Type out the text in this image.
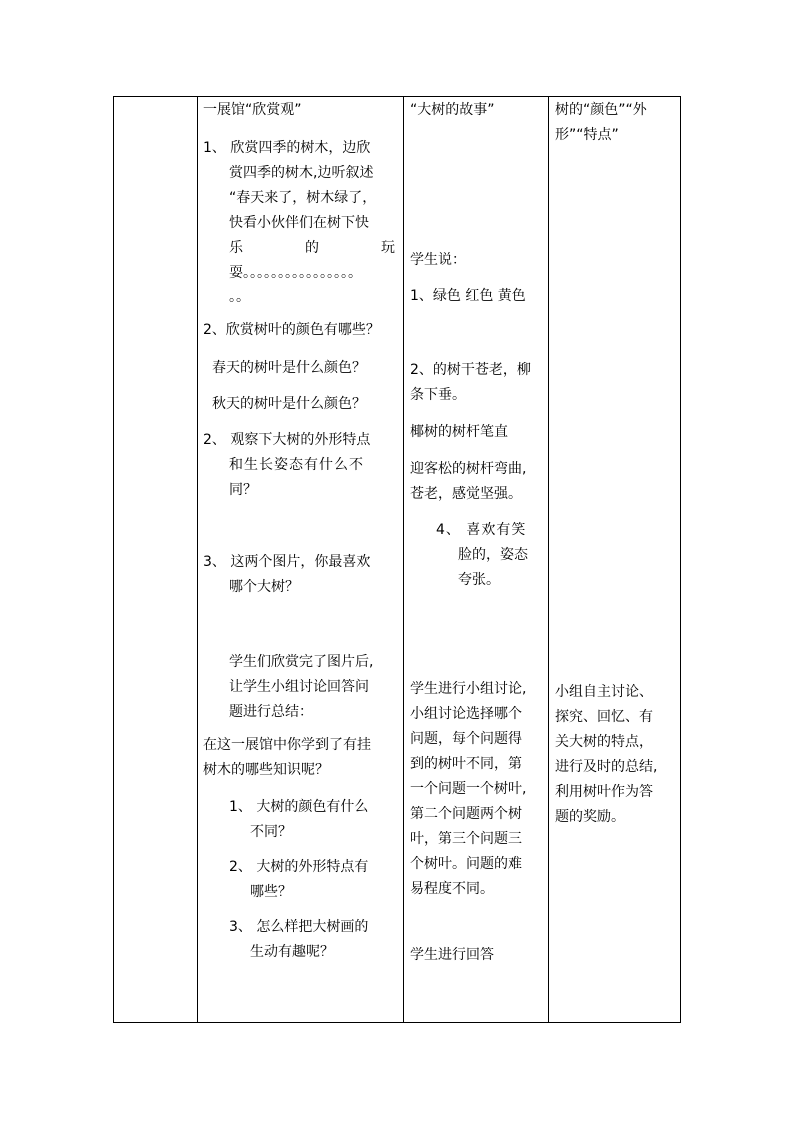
一展馆“欣赏观”
1、 欣赏四季的树木，边欣
赏四季的树木,边听叙述
“春天来了，树木绿了，
快看小伙伴们在树下快
乐	的	玩
耍。。。。。。。。。。。。。。。。
。。
2、欣赏树叶的颜色有哪些？
春天的树叶是什么颜色？
秋天的树叶是什么颜色？
2、 观察下大树的外形特点
和生长姿态有什么不
同？
3、 这两个图片，你最喜欢
哪个大树？
学生们欣赏完了图片后,
让学生小组讨论回答问
题进行总结：
在这一展馆中你学到了有挂
树木的哪些知识呢？
1、 大树的颜色有什么
不同？
2、 大树的外形特点有
哪些？
3、 怎么样把大树画的
生动有趣呢？
“大树的故事”
学生说：
1、绿色 红色 黄色
2、的树干苍老，柳
条下垂。
椰树的树杆笔直
迎客松的树杆弯曲,
苍老，感觉坚强。
4、 喜欢有笑
脸的，姿态
夸张。
学生进行小组讨论,
小组讨论选择哪个
问题，每个问题得
到的树叶不同，第
一个问题一个树叶,
第二个问题两个树
叶，第三个问题三
个树叶。问题的难
易程度不同。
学生进行回答
树的“颜色”“外
形”“特点”
小组自主讨论、
探究、回忆、有
关大树的特点，
进行及时的总结,
利用树叶作为答
题的奖励。
